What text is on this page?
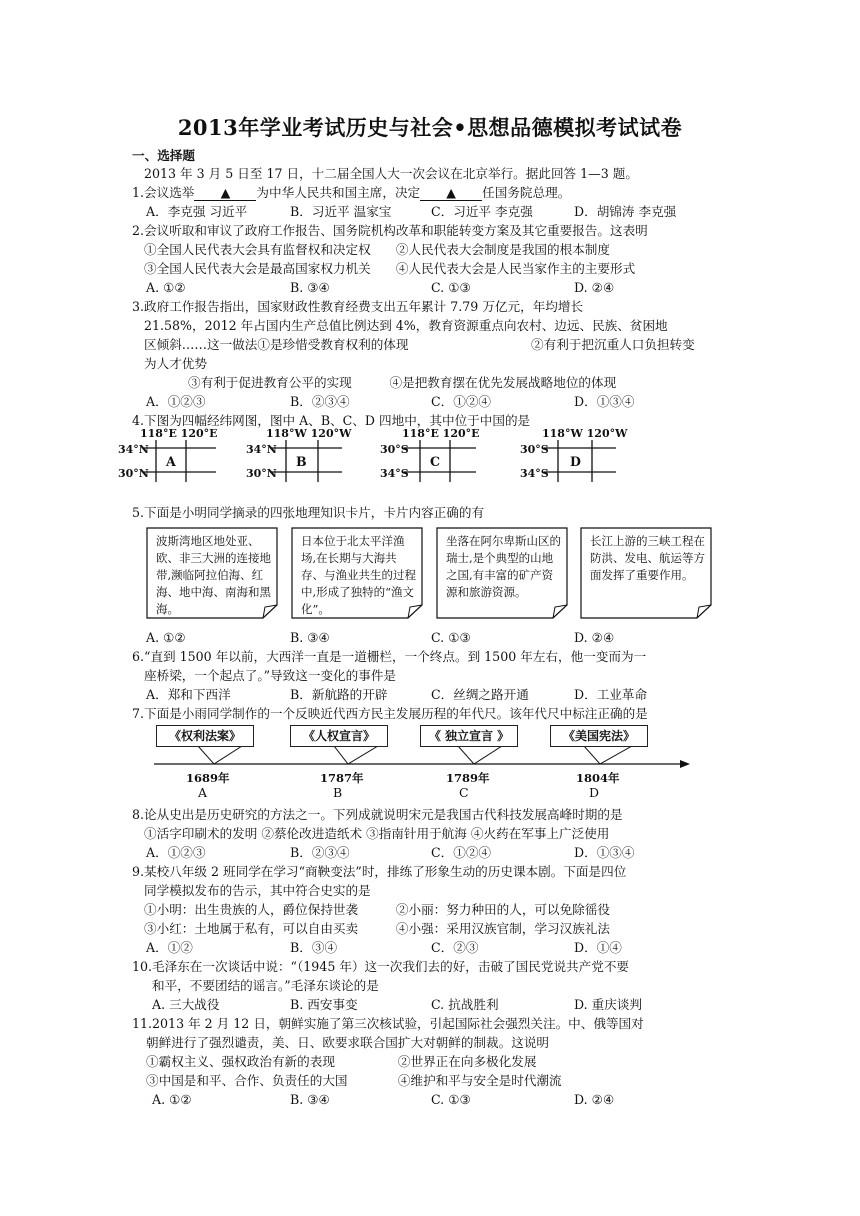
2013年学业考试历史与社会•思想品德模拟考试试卷
一、选择题
2013 年 3 月 5 日至 17 日，十二届全国人大一次会议在北京举行。据此回答 1—3 题。
1.会议选举 ▲ 为中华人民共和国主席，决定 ▲ 任国务院总理。
A．李克强 习近平	B．习近平 温家宝	C．习近平 李克强	D．胡锦涛 李克强
2.会议听取和审议了政府工作报告、国务院机构改革和职能转变方案及其它重要报告。这表明
①全国人民代表大会具有监督权和决定权　　②人民代表大会制度是我国的根本制度
③全国人民代表大会是最高国家权力机关　　④人民代表大会是人民当家作主的主要形式
A. ①②	B. ③④	C. ①③	D. ②④
3.政府工作报告指出，国家财政性教育经费支出五年累计 7.79 万亿元，年均增长
21.58%，2012 年占国内生产总值比例达到 4%，教育资源重点向农村、边远、民族、贫困地
区倾斜……这一做法①是珍惜受教育权利的体现	②有利于把沉重人口负担转变
为人才优势
③有利于促进教育公平的实现　　　④是把教育摆在优先发展战略地位的体现
A．①②③	B．②③④	C．①②④	D．①③④
4.下图为四幅经纬网图，图中 A、B、C、D 四地中，其中位于中国的是
118°E 120°E
34°N
30°N
A
118°W 120°W
34°N
30°N
B
118°E 120°E
30°S
34°S
C
118°W 120°W
30°S
34°S
D
5.下面是小明同学摘录的四张地理知识卡片，卡片内容正确的有
波斯湾地区地处亚、欧、非三大洲的连接地带,濒临阿拉伯海、红海、地中海、南海和黑海。
日本位于北太平洋渔场,在长期与大海共存、与渔业共生的过程中,形成了独特的“渔文化”。
坐落在阿尔卑斯山区的瑞士,是个典型的山地之国,有丰富的矿产资源和旅游资源。
长江上游的三峡工程在防洪、发电、航运等方面发挥了重要作用。
A. ①②	B. ③④	C. ①③	D. ②④
6.“直到 1500 年以前，大西洋一直是一道栅栏，一个终点。到 1500 年左右，他一变而为一
座桥梁，一个起点了。”导致这一变化的事件是
A．郑和下西洋	B．新航路的开辟	C．丝绸之路开通	D．工业革命
7.下面是小雨同学制作的一个反映近代西方民主发展历程的年代尺。该年代尺中标注正确的是
《权利法案》	《人权宣言》	《 独立宣言 》	《美国宪法》
1689年	1787年	1789年	1804年
A	B	C	D
8.论从史出是历史研究的方法之一。下列成就说明宋元是我国古代科技发展高峰时期的是
①活字印刷术的发明 ②蔡伦改进造纸术 ③指南针用于航海 ④火药在军事上广泛使用
A．①②③	B．②③④	C．①②④	D．①③④
9.某校八年级 2 班同学在学习“商鞅变法”时，排练了形象生动的历史课本剧。下面是四位
同学模拟发布的告示，其中符合史实的是
①小明：出生贵族的人，爵位保持世袭　　　②小丽：努力种田的人，可以免除徭役
③小红：土地属于私有，可以自由买卖　　　④小强：采用汉族官制，学习汉族礼法
A．①②	B．③④	C．②③	D．①④
10.毛泽东在一次谈话中说：“（1945 年）这一次我们去的好，击破了国民党说共产党不要
和平，不要团结的谣言。”毛泽东谈论的是
A. 三大战役	B. 西安事变	C. 抗战胜利	D. 重庆谈判
11.2013 年 2 月 12 日，朝鲜实施了第三次核试验，引起国际社会强烈关注。中、俄等国对
朝鲜进行了强烈谴责，美、日、欧要求联合国扩大对朝鲜的制裁。这说明
①霸权主义、强权政治有新的表现　　　　　②世界正在向多极化发展
③中国是和平、合作、负责任的大国　　　　④维护和平与安全是时代潮流
A. ①②	B. ③④	C. ①③	D. ②④
